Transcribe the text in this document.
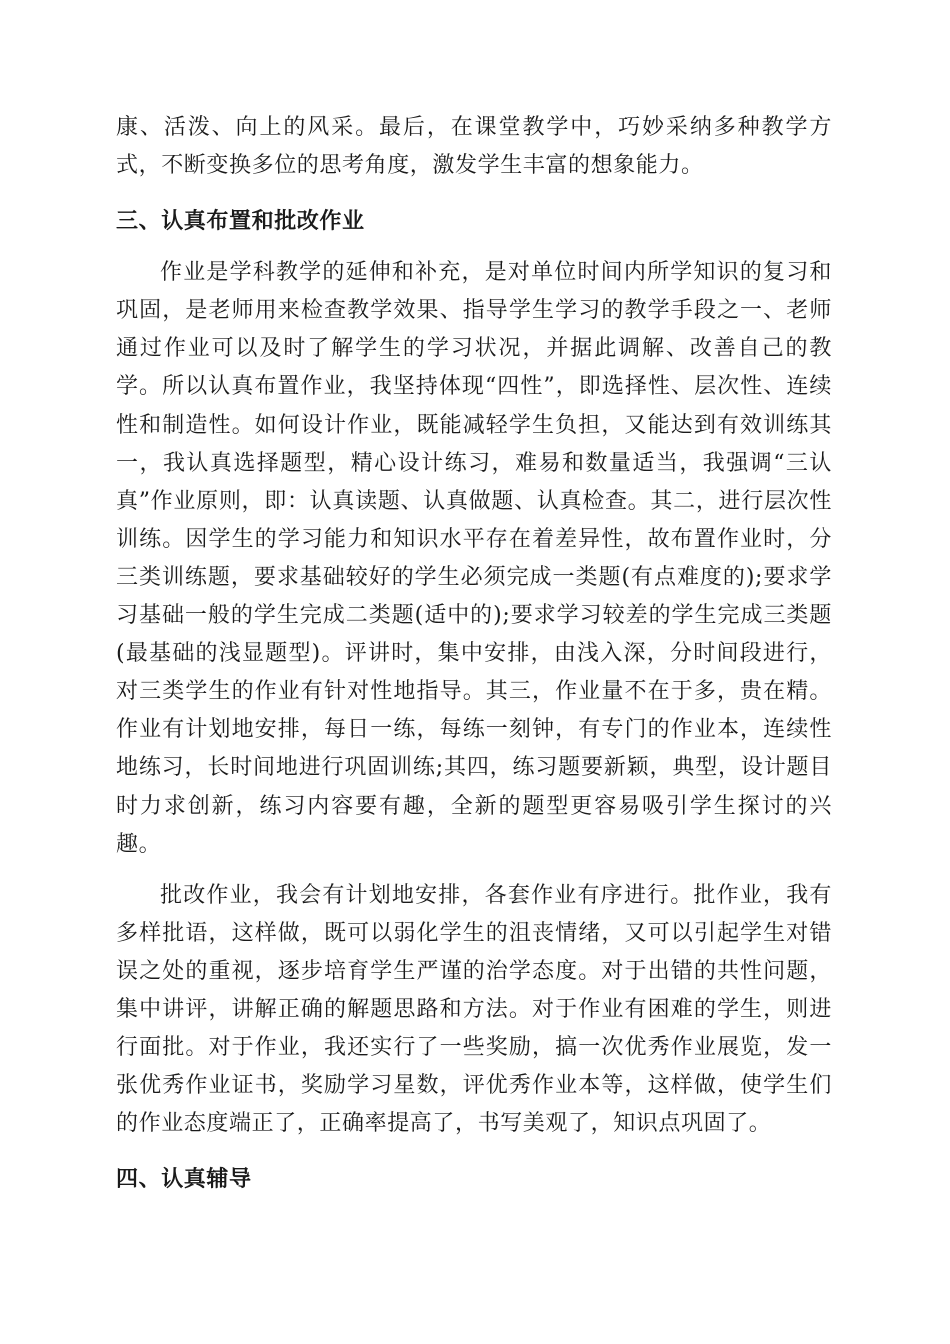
康、活泼、向上的风采。最后，在课堂教学中，巧妙采纳多种教学方式，不断变换多位的思考角度，激发学生丰富的想象能力。

三、认真布置和批改作业

作业是学科教学的延伸和补充，是对单位时间内所学知识的复习和巩固，是老师用来检查教学效果、指导学生学习的教学手段之一、老师通过作业可以及时了解学生的学习状况，并据此调解、改善自己的教学。所以认真布置作业，我坚持体现“四性”，即选择性、层次性、连续性和制造性。如何设计作业，既能减轻学生负担，又能达到有效训练其一，我认真选择题型，精心设计练习，难易和数量适当，我强调“三认真”作业原则，即：认真读题、认真做题、认真检查。其二，进行层次性训练。因学生的学习能力和知识水平存在着差异性，故布置作业时，分三类训练题，要求基础较好的学生必须完成一类题(有点难度的);要求学习基础一般的学生完成二类题(适中的);要求学习较差的学生完成三类题(最基础的浅显题型)。评讲时，集中安排，由浅入深，分时间段进行，对三类学生的作业有针对性地指导。其三，作业量不在于多，贵在精。作业有计划地安排，每日一练，每练一刻钟，有专门的作业本，连续性地练习，长时间地进行巩固训练;其四，练习题要新颖，典型，设计题目时力求创新，练习内容要有趣，全新的题型更容易吸引学生探讨的兴趣。

批改作业，我会有计划地安排，各套作业有序进行。批作业，我有多样批语，这样做，既可以弱化学生的沮丧情绪，又可以引起学生对错误之处的重视，逐步培育学生严谨的治学态度。对于出错的共性问题，集中讲评，讲解正确的解题思路和方法。对于作业有困难的学生，则进行面批。对于作业，我还实行了一些奖励，搞一次优秀作业展览，发一张优秀作业证书，奖励学习星数，评优秀作业本等，这样做，使学生们的作业态度端正了，正确率提高了，书写美观了，知识点巩固了。

四、认真辅导
